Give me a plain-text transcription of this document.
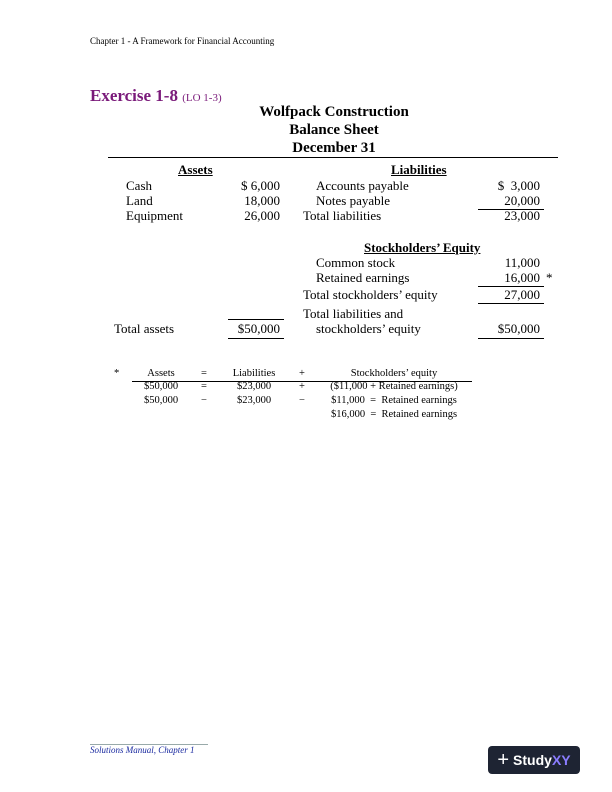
Chapter 1 - A Framework for Financial Accounting
Exercise 1-8 (LO 1-3)
Wolfpack Construction
Balance Sheet
December 31
Assets
Cash	$ 6,000
Land	18,000
Equipment	26,000
Liabilities
Accounts payable	$  3,000
Notes payable	20,000
Total liabilities	23,000
Stockholders’ Equity
Common stock	11,000
Retained earnings	16,000 *
Total stockholders’ equity	27,000
Total liabilities and
Total assets	$50,000	stockholders’ equity	$50,000
*	Assets	=	Liabilities	+	Stockholders’ equity
$50,000	=	$23,000	+	($11,000 + Retained earnings)
$50,000	−	$23,000	−	$11,000  =  Retained earnings
$16,000  =  Retained earnings
Solutions Manual, Chapter 1	+ StudyXY
